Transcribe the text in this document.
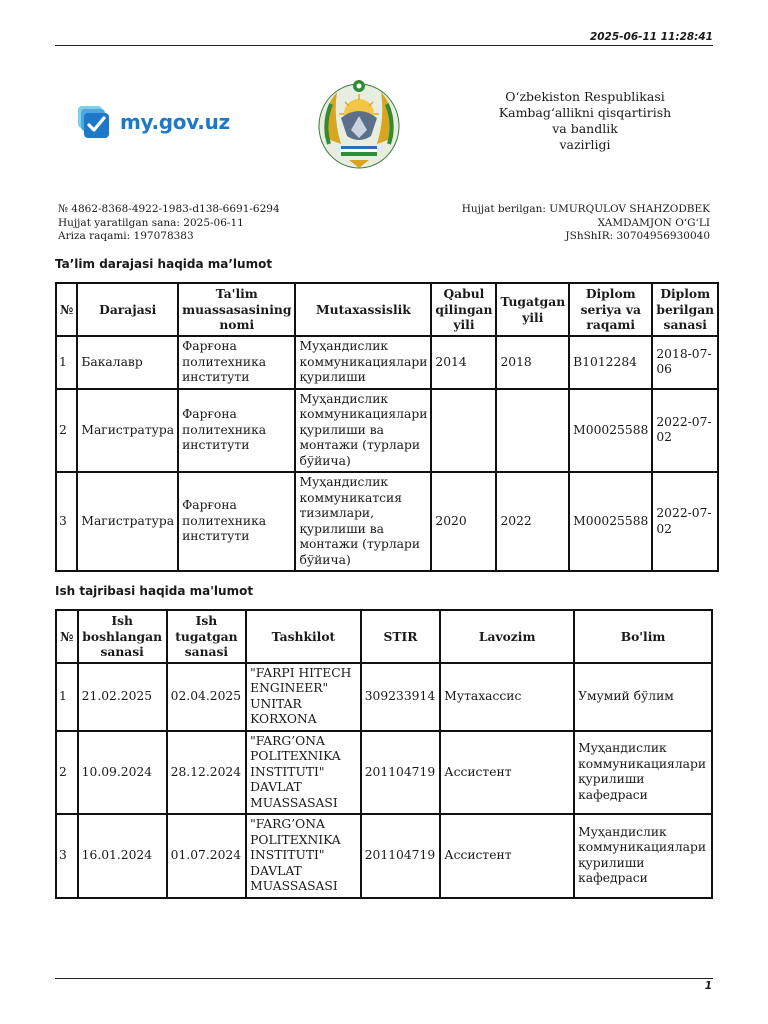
2025-06-11 11:28:41
my.gov.uz
O‘zbekiston Respublikasi
Kambag‘allikni qisqartirish
va bandlik
vazirligi
№ 4862-8368-4922-1983-d138-6691-6294
Hujjat yaratilgan sana: 2025-06-11
Ariza raqami: 197078383
Hujjat berilgan: UMURQULOV SHAHZODBEK
XAMDAMJON O‘G‘LI
JShShIR: 30704956930040
Ta’lim darajasi haqida ma’lumot
№	Darajasi	Ta'lim muassasasining nomi	Mutaxassislik	Qabul qilingan yili	Tugatgan yili	Diplom seriya va raqami	Diplom berilgan sanasi
1	Бакалавр	Фарғона политехника институти	Муҳандислик коммуникациялари қурилиши	2014	2018	B1012284	2018-07-06
2	Магистратура	Фарғона политехника институти	Муҳандислик коммуникациялари қурилиши ва монтажи (турлари бўйича)			M00025588	2022-07-02
3	Магистратура	Фарғона политехника институти	Муҳандислик коммуникатсия тизимлари, қурилиши ва монтажи (турлари бўйича)	2020	2022	M00025588	2022-07-02
Ish tajribasi haqida ma'lumot
№	Ish boshlangan sanasi	Ish tugatgan sanasi	Tashkilot	STIR	Lavozim	Bo'lim
1	21.02.2025	02.04.2025	"FARPI HITECH ENGINEER" UNITAR KORXONA	309233914	Мутахассис	Умумий бўлим
2	10.09.2024	28.12.2024	"FARG’ONA POLITEXNIKA INSTITUTI" DAVLAT MUASSASASI	201104719	Ассистент	Муҳандислик коммуникациялари қурилиши кафедраси
3	16.01.2024	01.07.2024	"FARG’ONA POLITEXNIKA INSTITUTI" DAVLAT MUASSASASI	201104719	Ассистент	Муҳандислик коммуникациялари қурилиши кафедраси
1
